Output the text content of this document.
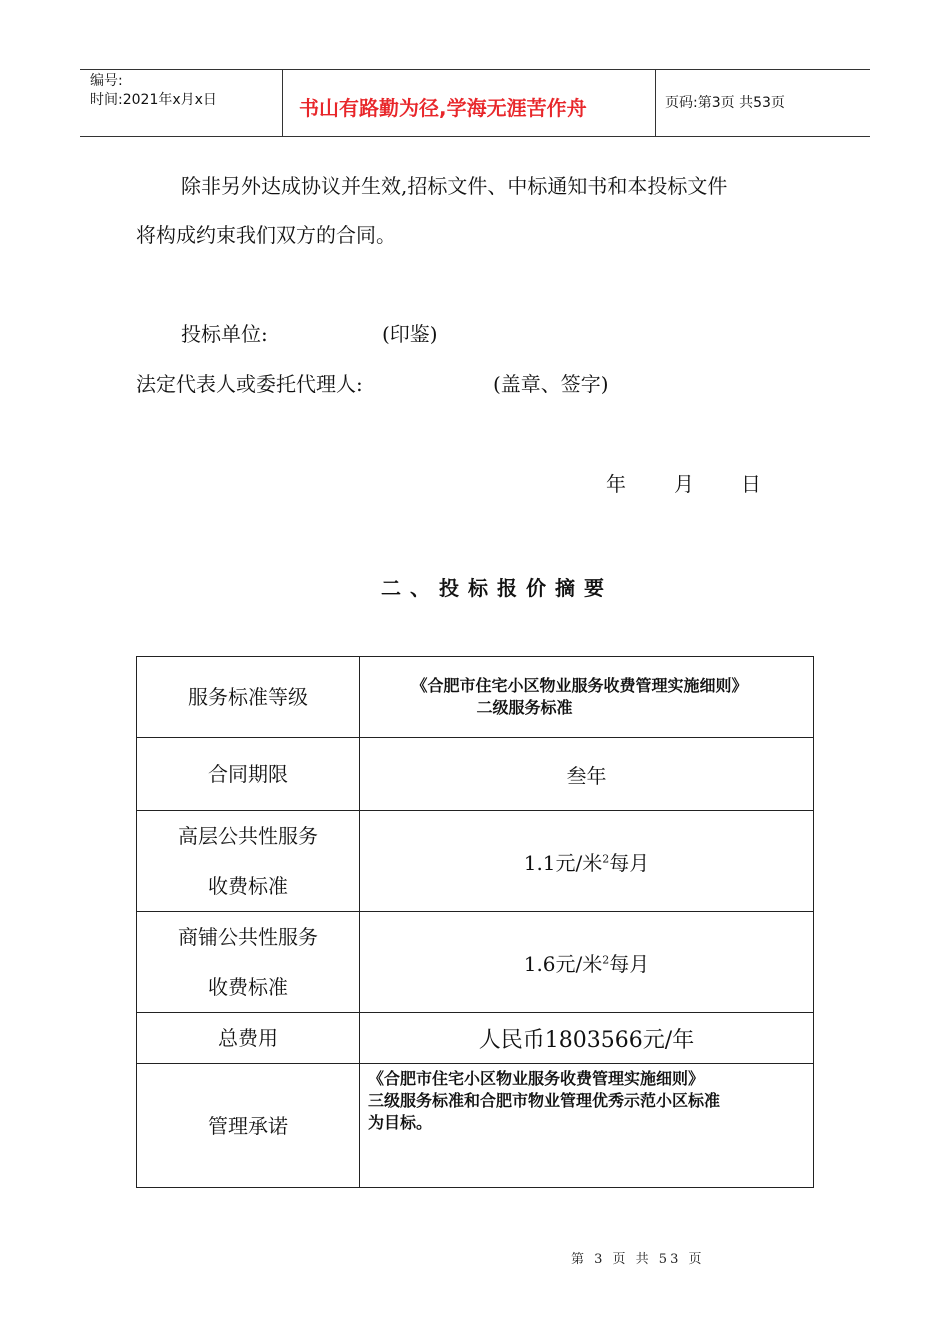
编号:
时间:2021年x月x日	书山有路勤为径,学海无涯苦作舟	页码:第3页 共53页
除非另外达成协议并生效,招标文件、中标通知书和本投标文件
将构成约束我们双方的合同。
投标单位:	(印鉴)
法定代表人或委托代理人:	(盖章、签字)
年 月 日
二、投标报价摘要
服务标准等级	《合肥市住宅小区物业服务收费管理实施细则》
二级服务标准

合同期限	叁年

高层公共性服务
收费标准	1.1元/米$^2$每月

商铺公共性服务
收费标准	1.6元/米$^2$每月
总费用	人民币1803566元/年
管理承诺	《合肥市住宅小区物业服务收费管理实施细则》
三级服务标准和合肥市物业管理优秀示范小区标准
为目标。
第 3 页 共 53 页
